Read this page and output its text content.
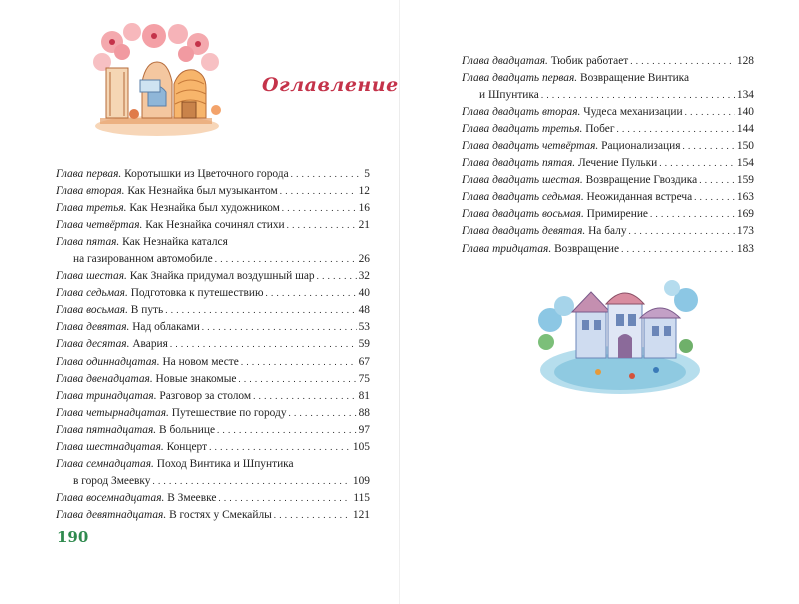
Оглавление
Глава первая. Коротышки из Цветочного города . . .	5
Глава вторая. Как Незнайка был музыкантом . . .	12
Глава третья. Как Незнайка был художником . . .	16
Глава четвёртая. Как Незнайка сочинял стихи . . .	21
Глава пятая. Как Незнайка катался
на газированном автомобиле . . .	26
Глава шестая. Как Знайка придумал воздушный шар . . .	32
Глава седьмая. Подготовка к путешествию . . .	40
Глава восьмая. В путь . . .	48
Глава девятая. Над облаками . . .	53
Глава десятая. Авария . . .	59
Глава одиннадцатая. На новом месте . . .	67
Глава двенадцатая. Новые знакомые . . .	75
Глава тринадцатая. Разговор за столом . . .	81
Глава четырнадцатая. Путешествие по городу . . .	88
Глава пятнадцатая. В больнице . . .	97
Глава шестнадцатая. Концерт . . .	105
Глава семнадцатая. Поход Винтика и Шпунтика
в город Змеевку . . .	109
Глава восемнадцатая. В Змеевке . . .	115
Глава девятнадцатая. В гостях у Смекайлы . . .	121
190
Глава двадцатая. Тюбик работает . . .	128
Глава двадцать первая. Возвращение Винтика
и Шпунтика . . .	134
Глава двадцать вторая. Чудеса механизации . . .	140
Глава двадцать третья. Побег . . .	144
Глава двадцать четвёртая. Рационализация . . .	150
Глава двадцать пятая. Лечение Пульки . . .	154
Глава двадцать шестая. Возвращение Гвоздика . . .	159
Глава двадцать седьмая. Неожиданная встреча . . .	163
Глава двадцать восьмая. Примирение . . .	169
Глава двадцать девятая. На балу . . .	173
Глава тридцатая. Возвращение . . .	183
